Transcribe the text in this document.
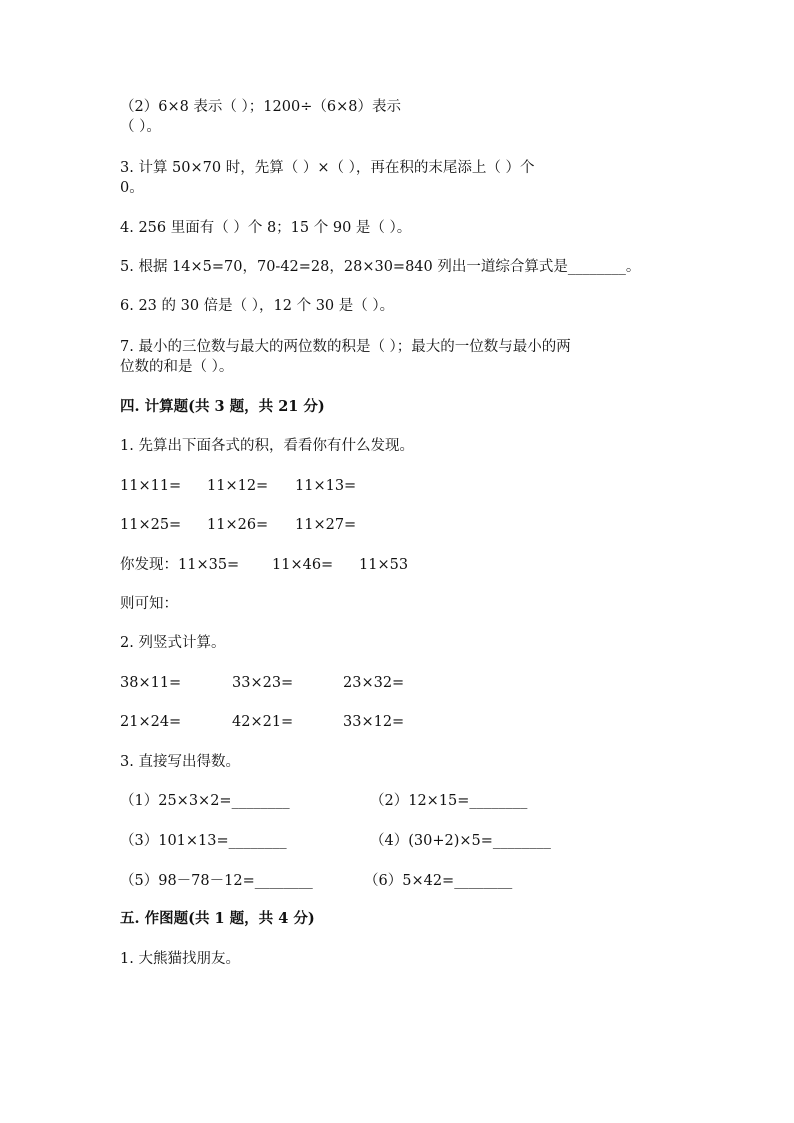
（2）6×8 表示（ ）；1200÷（6×8）表示
（ ）。
3. 计算 50×70 时，先算（ ）×（ ），再在积的末尾添上（ ）个
0。
4. 256 里面有（ ）个 8；15 个 90 是（ ）。
5. 根据 14×5=70，70-42=28，28×30=840 列出一道综合算式是________。
6. 23 的 30 倍是（ ），12 个 30 是（ ）。
7. 最小的三位数与最大的两位数的积是（ ）；最大的一位数与最小的两
位数的和是（ ）。
四. 计算题(共 3 题，共 21 分)
1. 先算出下面各式的积，看看你有什么发现。
11×11= 11×12= 11×13=
11×25= 11×26= 11×27=
你发现：11×35= 11×46= 11×53
则可知：
2. 列竖式计算。
38×11=	33×23=	23×32=
21×24=	42×21=	33×12=
3. 直接写出得数。
（1）25×3×2=________	（2）12×15=________
（3）101×13=________	（4）(30+2)×5=________
（5）98－78－12=________	（6）5×42=________
五. 作图题(共 1 题，共 4 分)
1. 大熊猫找朋友。
